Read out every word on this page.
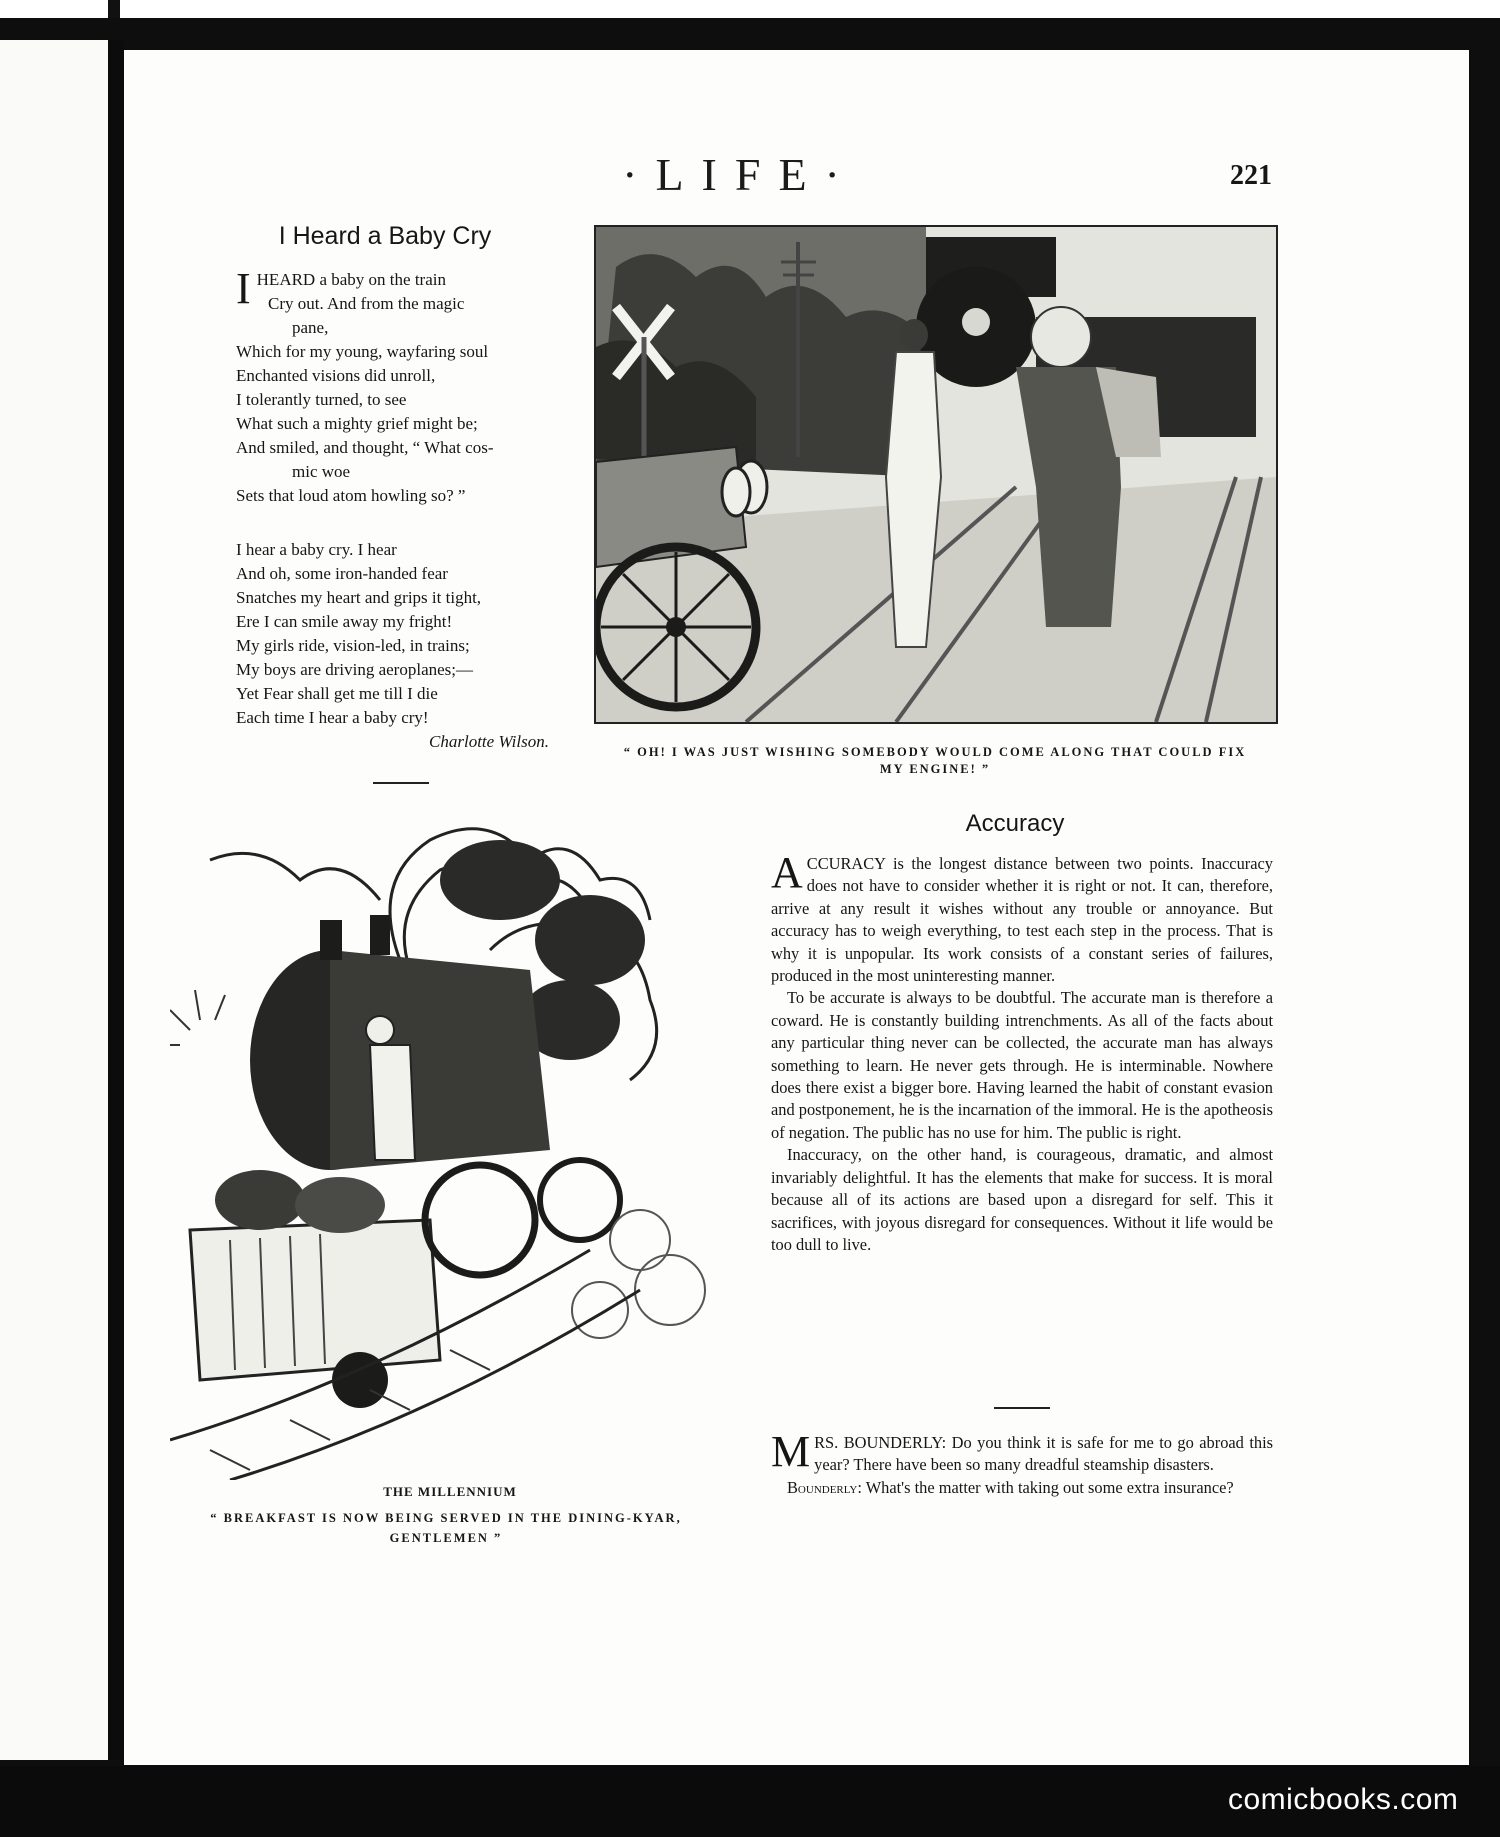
·LIFE·	221
I Heard a Baby Cry
I HEARD a baby on the train
Cry out. And from the magic
pane,
Which for my young, wayfaring soul
Enchanted visions did unroll,
I tolerantly turned, to see
What such a mighty grief might be;
And smiled, and thought, “ What cos-
mic woe
Sets that loud atom howling so? ”
I hear a baby cry. I hear
And oh, some iron-handed fear
Snatches my heart and grips it tight,
Ere I can smile away my fright!
My girls ride, vision-led, in trains;
My boys are driving aeroplanes;—
Yet Fear shall get me till I die
Each time I hear a baby cry!
Charlotte Wilson.
“ OH! I WAS JUST WISHING SOMEBODY WOULD COME ALONG THAT COULD FIX
MY ENGINE! ”
THE MILLENNIUM
“ BREAKFAST IS NOW BEING SERVED IN THE DINING-KYAR,
GENTLEMEN ”
Accuracy

ACCURACY is the longest distance between two points. Inaccuracy does not have to consider whether it is right or not. It can, therefore, arrive at any result it wishes without any trouble or annoyance. But accuracy has to weigh everything, to test each step in the process. That is why it is unpopular. Its work consists of a constant series of failures, produced in the most uninteresting manner.

To be accurate is always to be doubtful. The accurate man is therefore a coward. He is constantly building intrenchments. As all of the facts about any particular thing never can be collected, the accurate man has always something to learn. He never gets through. He is interminable. Nowhere does there exist a bigger bore. Having learned the habit of constant evasion and postponement, he is the incarnation of the immoral. He is the apotheosis of negation. The public has no use for him. The public is right.

Inaccuracy, on the other hand, is courageous, dramatic, and almost invariably delightful. It has the elements that make for success. It is moral because all of its actions are based upon a disregard for self. This it sacrifices, with joyous disregard for consequences. Without it life would be too dull to live.

MRS. BOUNDERLY: Do you think it is safe for me to go abroad this year? There have been so many dreadful steamship disasters.

Bounderly: What's the matter with taking out some extra insurance?

comicbooks.com
